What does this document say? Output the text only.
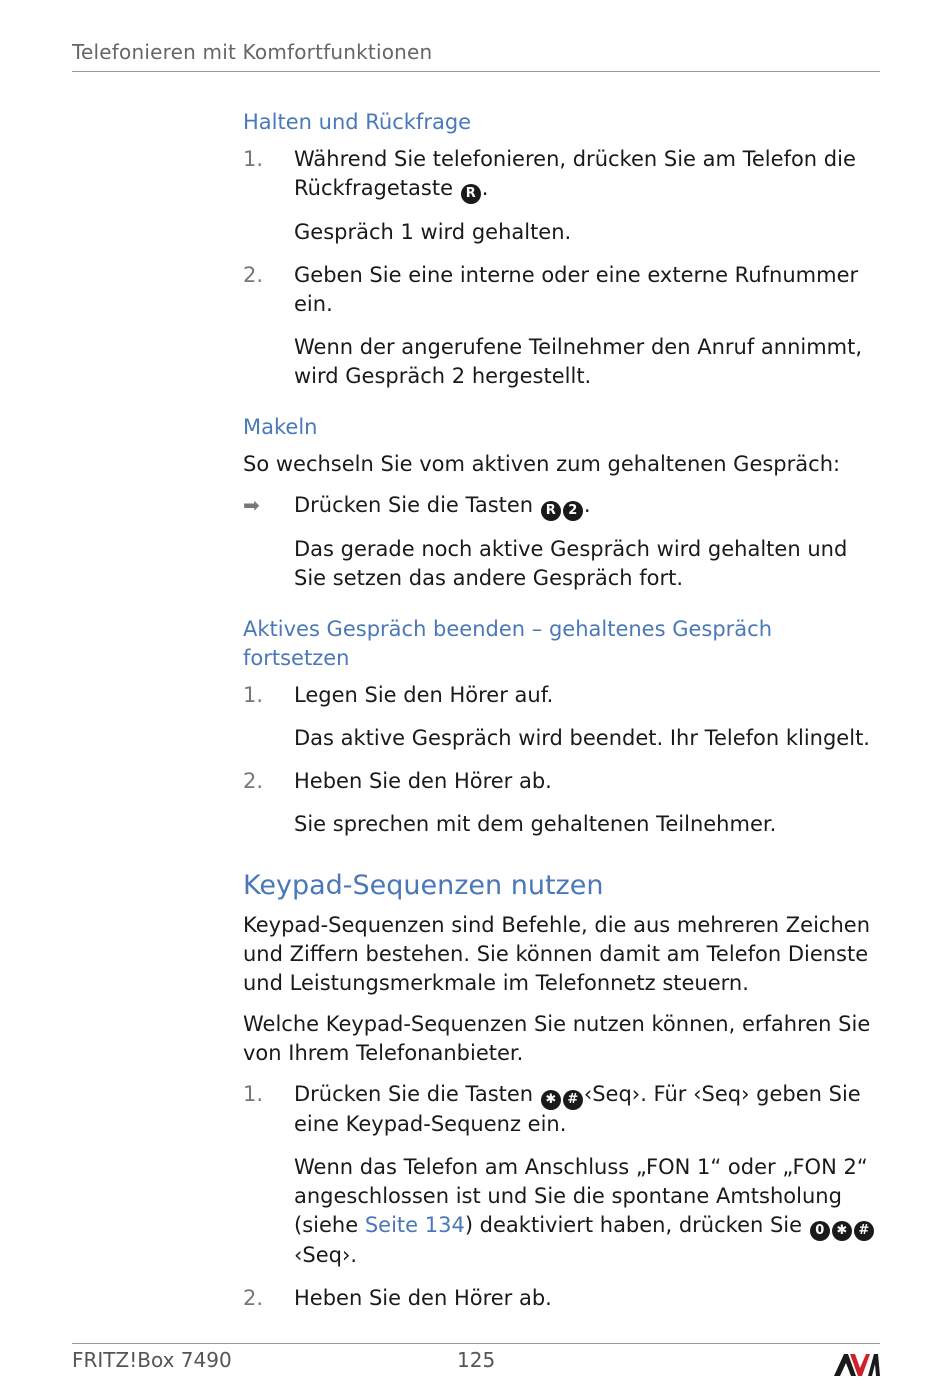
Telefonieren mit Komfortfunktionen
Halten und Rückfrage
1.	Während Sie telefonieren, drücken Sie am Telefon die Rückfragetaste R .
Gespräch 1 wird gehalten.
2.	Geben Sie eine interne oder eine externe Rufnummer ein.
Wenn der angerufene Teilnehmer den Anruf annimmt, wird Gespräch 2 hergestellt.
Makeln
So wechseln Sie vom aktiven zum gehaltenen Gespräch:
➡	Drücken Sie die Tasten R 2 .
Das gerade noch aktive Gespräch wird gehalten und Sie setzen das andere Gespräch fort.
Aktives Gespräch beenden – gehaltenes Gespräch fortsetzen
1.	Legen Sie den Hörer auf.
Das aktive Gespräch wird beendet. Ihr Telefon klingelt.
2.	Heben Sie den Hörer ab.
Sie sprechen mit dem gehaltenen Teilnehmer.
Keypad-Sequenzen nutzen
Keypad-Sequenzen sind Befehle, die aus mehreren Zeichen und Ziffern bestehen. Sie können damit am Telefon Dienste und Leistungsmerkmale im Telefonnetz steuern.
Welche Keypad-Sequenzen Sie nutzen können, erfahren Sie von Ihrem Telefonanbieter.
1.	Drücken Sie die Tasten ✱ # ‹Seq›. Für ‹Seq› geben Sie eine Keypad-Sequenz ein.
Wenn das Telefon am Anschluss „FON 1“ oder „FON 2“ angeschlossen ist und Sie die spontane Amtsholung (siehe Seite 134) deaktiviert haben, drücken Sie 0 ✱ #‹Seq›.
2.	Heben Sie den Hörer ab.
FRITZ!Box 7490	125
